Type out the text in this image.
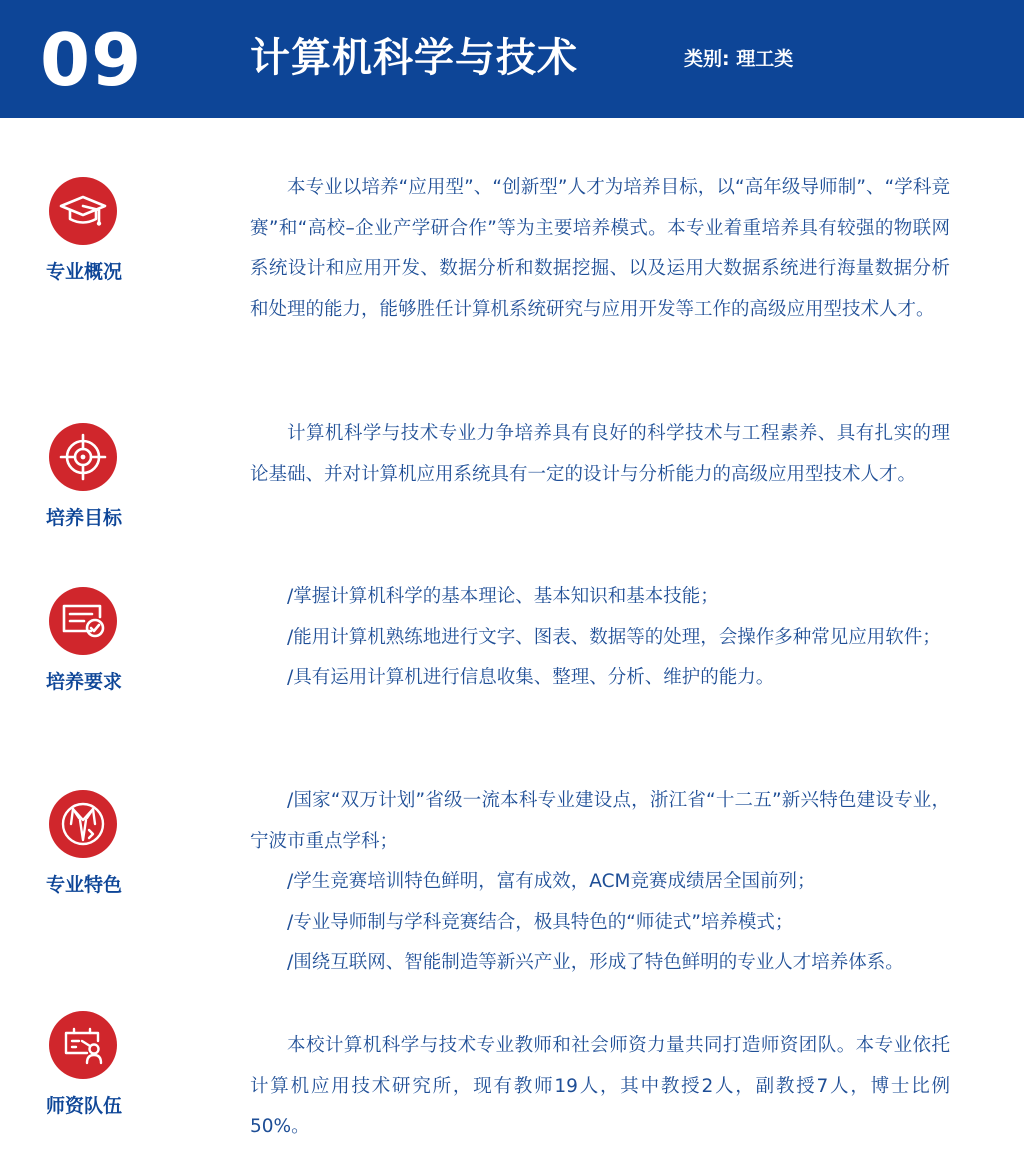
09	计算机科学与技术	类别: 理工类
专业概况

本专业以培养“应用型”、“创新型”人才为培养目标，以“高年级导师制”、“学科竞赛”和“高校–企业产学研合作”等为主要培养模式。本专业着重培养具有较强的物联网系统设计和应用开发、数据分析和数据挖掘、以及运用大数据系统进行海量数据分析和处理的能力，能够胜任计算机系统研究与应用开发等工作的高级应用型技术人才。

培养目标

计算机科学与技术专业力争培养具有良好的科学技术与工程素养、具有扎实的理论基础、并对计算机应用系统具有一定的设计与分析能力的高级应用型技术人才。

培养要求

/掌握计算机科学的基本理论、基本知识和基本技能；

/能用计算机熟练地进行文字、图表、数据等的处理，会操作多种常见应用软件；

/具有运用计算机进行信息收集、整理、分析、维护的能力。

专业特色

/国家“双万计划”省级一流本科专业建设点，浙江省“十二五”新兴特色建设专业，宁波市重点学科；

/学生竞赛培训特色鲜明，富有成效，ACM竞赛成绩居全国前列；

/专业导师制与学科竞赛结合，极具特色的“师徒式”培养模式；

/围绕互联网、智能制造等新兴产业，形成了特色鲜明的专业人才培养体系。

师资队伍

本校计算机科学与技术专业教师和社会师资力量共同打造师资团队。本专业依托计算机应用技术研究所，现有教师19人，其中教授2人，副教授7人，博士比例 50%。
